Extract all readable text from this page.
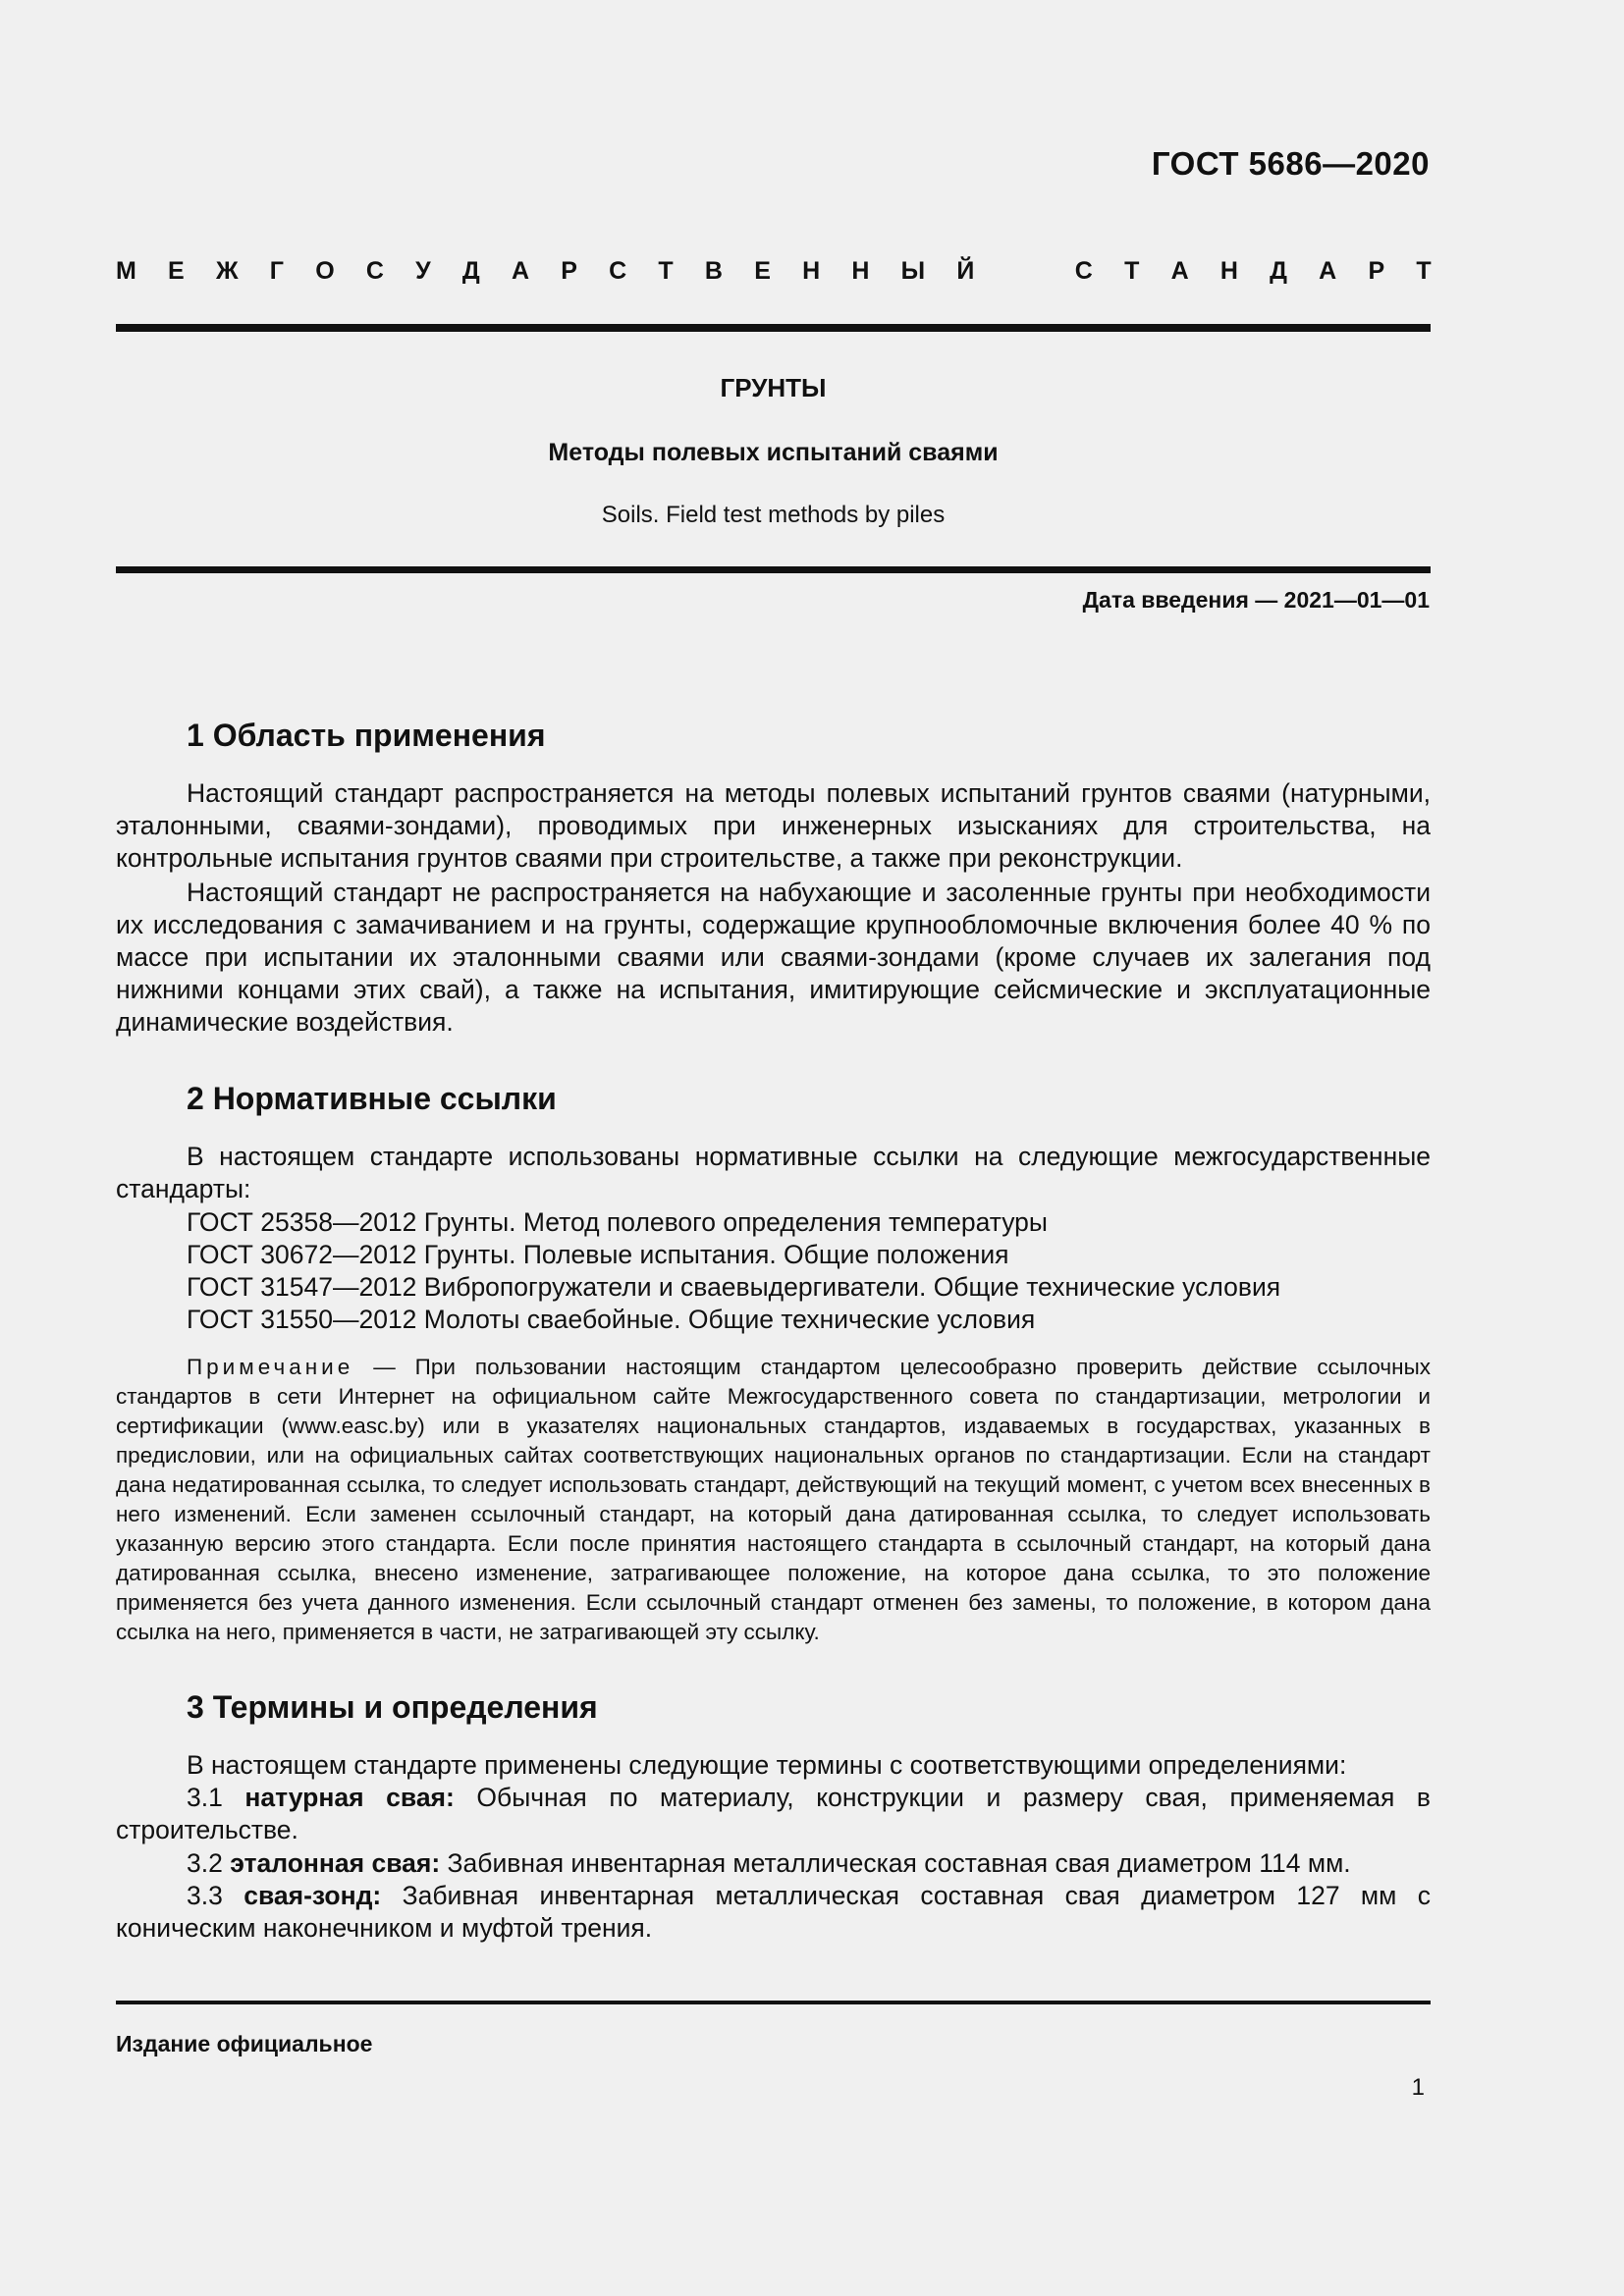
ГОСТ 5686—2020
М Е Ж Г О С У Д А Р С Т В Е Н Н Ы Й	С Т А Н Д А Р Т
ГРУНТЫ
Методы полевых испытаний сваями
Soils. Field test methods by piles
Дата введения — 2021—01—01
1 Область применения

Настоящий стандарт распространяется на методы полевых испытаний грунтов сваями (натурными, эталонными, сваями-зондами), проводимых при инженерных изысканиях для строительства, на контрольные испытания грунтов сваями при строительстве, а также при реконструкции.

Настоящий стандарт не распространяется на набухающие и засоленные грунты при необходимости их исследования с замачиванием и на грунты, содержащие крупнообломочные включения более 40 % по массе при испытании их эталонными сваями или сваями-зондами (кроме случаев их залегания под нижними концами этих свай), а также на испытания, имитирующие сейсмические и эксплуатационные динамические воздействия.

2 Нормативные ссылки

В настоящем стандарте использованы нормативные ссылки на следующие межгосударственные стандарты:

ГОСТ 25358—2012 Грунты. Метод полевого определения температуры
ГОСТ 30672—2012 Грунты. Полевые испытания. Общие положения
ГОСТ 31547—2012 Вибропогружатели и сваевыдергиватели. Общие технические условия
ГОСТ 31550—2012 Молоты сваебойные. Общие технические условия

Примечание — При пользовании настоящим стандартом целесообразно проверить действие ссылочных стандартов в сети Интернет на официальном сайте Межгосударственного совета по стандартизации, метрологии и сертификации (www.easc.by) или в указателях национальных стандартов, издаваемых в государствах, указанных в предисловии, или на официальных сайтах соответствующих национальных органов по стандартизации. Если на стандарт дана недатированная ссылка, то следует использовать стандарт, действующий на текущий момент, с учетом всех внесенных в него изменений. Если заменен ссылочный стандарт, на который дана датированная ссылка, то следует использовать указанную версию этого стандарта. Если после принятия настоящего стандарта в ссылочный стандарт, на который дана датированная ссылка, внесено изменение, затрагивающее положение, на которое дана ссылка, то это положение применяется без учета данного изменения. Если ссылочный стандарт отменен без замены, то положение, в котором дана ссылка на него, применяется в части, не затрагивающей эту ссылку.

3 Термины и определения

В настоящем стандарте применены следующие термины с соответствующими определениями:

3.1 натурная свая: Обычная по материалу, конструкции и размеру свая, применяемая в строительстве.

3.2 эталонная свая: Забивная инвентарная металлическая составная свая диаметром 114 мм.

3.3 свая-зонд: Забивная инвентарная металлическая составная свая диаметром 127 мм с коническим наконечником и муфтой трения.

Издание официальное
1
